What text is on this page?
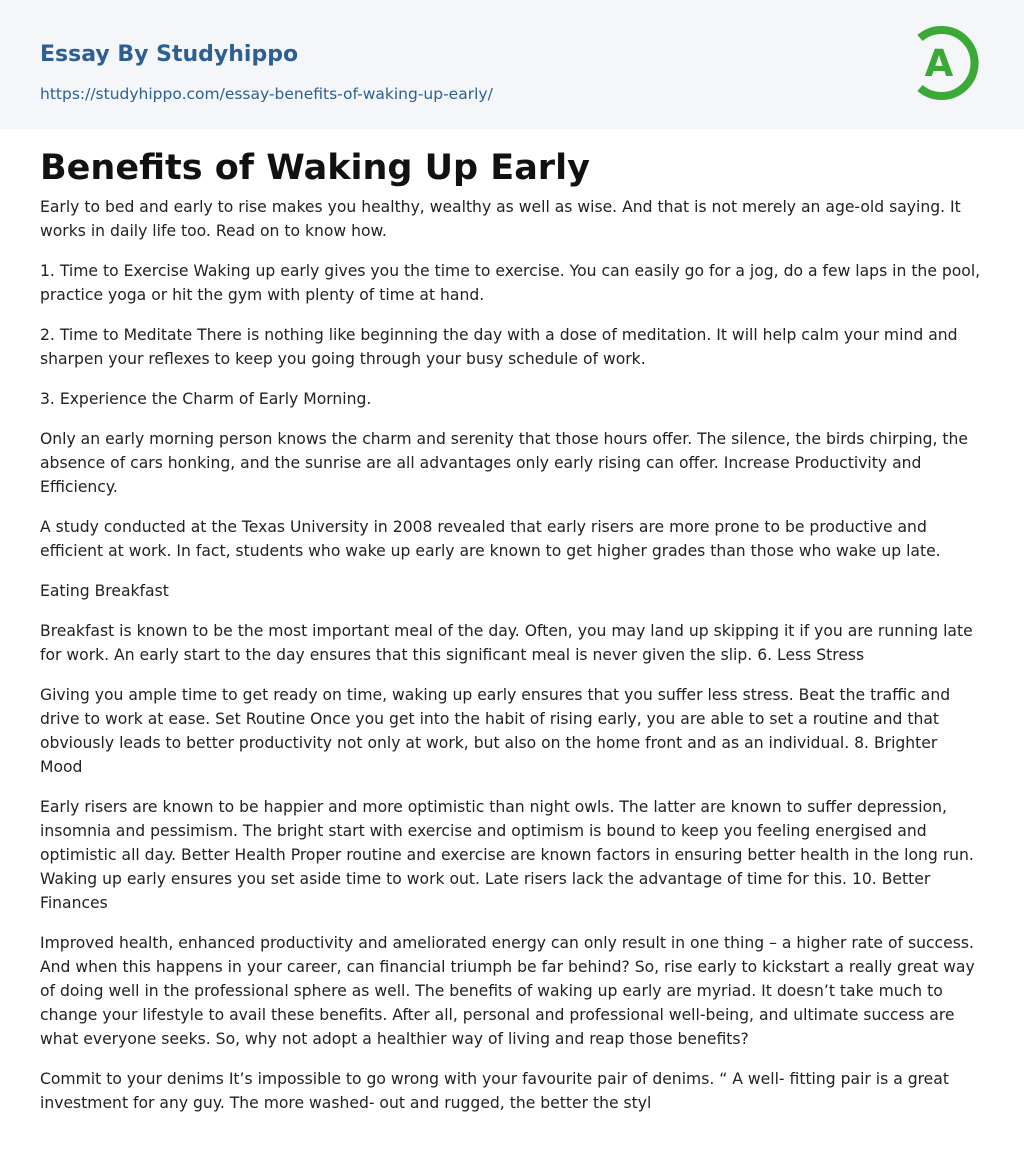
Essay By Studyhippo
https://studyhippo.com/essay-benefits-of-waking-up-early/
A
Benefits of Waking Up Early

Early to bed and early to rise makes you healthy, wealthy as well as wise. And that is not merely an age-old saying. It works in daily life too. Read on to know how.

1. Time to Exercise Waking up early gives you the time to exercise. You can easily go for a jog, do a few laps in the pool, practice yoga or hit the gym with plenty of time at hand.

2. Time to Meditate There is nothing like beginning the day with a dose of meditation. It will help calm your mind and sharpen your reflexes to keep you going through your busy schedule of work.

3. Experience the Charm of Early Morning.

Only an early morning person knows the charm and serenity that those hours offer. The silence, the birds chirping, the absence of cars honking, and the sunrise are all advantages only early rising can offer. Increase Productivity and Efficiency.

A study conducted at the Texas University in 2008 revealed that early risers are more prone to be productive and efficient at work. In fact, students who wake up early are known to get higher grades than those who wake up late.

Eating Breakfast

Breakfast is known to be the most important meal of the day. Often, you may land up skipping it if you are running late for work. An early start to the day ensures that this significant meal is never given the slip. 6. Less Stress

Giving you ample time to get ready on time, waking up early ensures that you suffer less stress. Beat the traffic and drive to work at ease. Set Routine Once you get into the habit of rising early, you are able to set a routine and that obviously leads to better productivity not only at work, but also on the home front and as an individual. 8. Brighter Mood

Early risers are known to be happier and more optimistic than night owls. The latter are known to suffer depression, insomnia and pessimism. The bright start with exercise and optimism is bound to keep you feeling energised and optimistic all day. Better Health Proper routine and exercise are known factors in ensuring better health in the long run. Waking up early ensures you set aside time to work out. Late risers lack the advantage of time for this. 10. Better Finances

Improved health, enhanced productivity and ameliorated energy can only result in one thing – a higher rate of success. And when this happens in your career, can financial triumph be far behind? So, rise early to kickstart a really great way of doing well in the professional sphere as well. The benefits of waking up early are myriad. It doesn’t take much to change your lifestyle to avail these benefits. After all, personal and professional well-being, and ultimate success are what everyone seeks. So, why not adopt a healthier way of living and reap those benefits?

Commit to your denims It’s impossible to go wrong with your favourite pair of denims. “ A well- fitting pair is a great investment for any guy. The more washed- out and rugged, the better the styl
